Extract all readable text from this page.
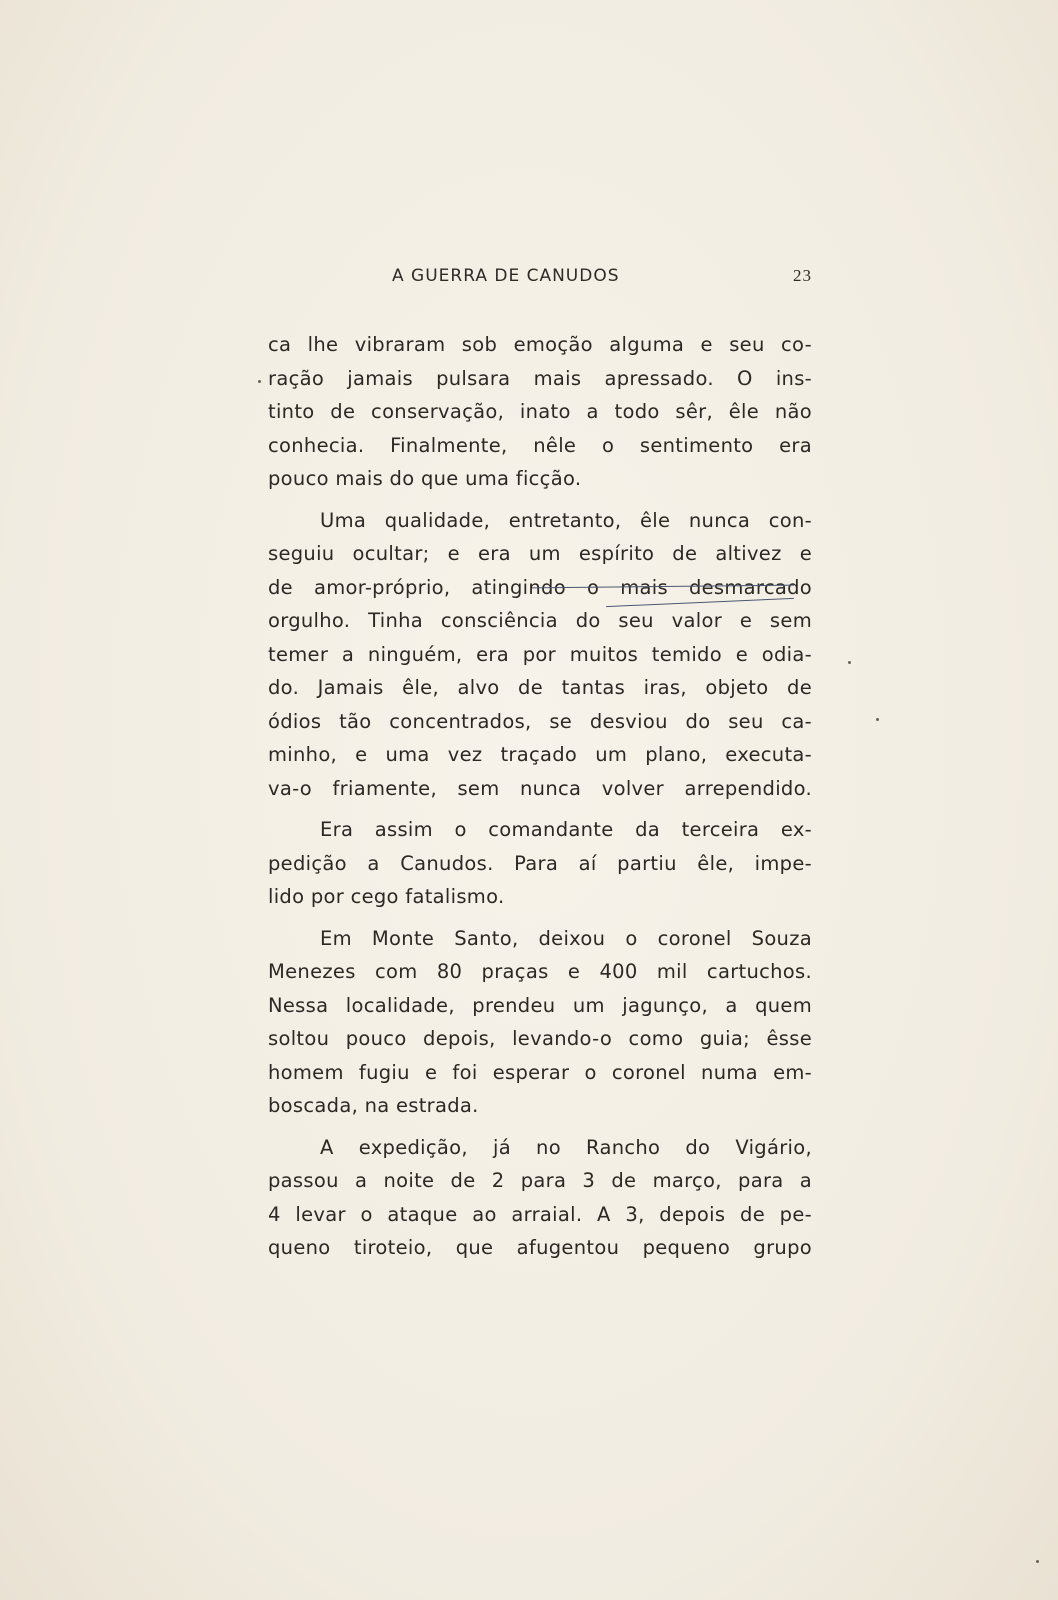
A GUERRA DE CANUDOS	23
ca lhe vibraram sob emoção alguma e seu co-
ração jamais pulsara mais apressado. O ins-
tinto de conservação, inato a todo sêr, êle não
conhecia. Finalmente, nêle o sentimento era
pouco mais do que uma ficção.
Uma qualidade, entretanto, êle nunca con-
seguiu ocultar; e era um espírito de altivez e
de amor-próprio, atingindo o mais desmarcado
orgulho. Tinha consciência do seu valor e sem
temer a ninguém, era por muitos temido e odia-
do. Jamais êle, alvo de tantas iras, objeto de
ódios tão concentrados, se desviou do seu ca-
minho, e uma vez traçado um plano, executa-
va-o friamente, sem nunca volver arrependido.
Era assim o comandante da terceira ex-
pedição a Canudos. Para aí partiu êle, impe-
lido por cego fatalismo.
Em Monte Santo, deixou o coronel Souza
Menezes com 80 praças e 400 mil cartuchos.
Nessa localidade, prendeu um jagunço, a quem
soltou pouco depois, levando-o como guia; êsse
homem fugiu e foi esperar o coronel numa em-
boscada, na estrada.
A expedição, já no Rancho do Vigário,
passou a noite de 2 para 3 de março, para a
4 levar o ataque ao arraial. A 3, depois de pe-
queno tiroteio, que afugentou pequeno grupo
